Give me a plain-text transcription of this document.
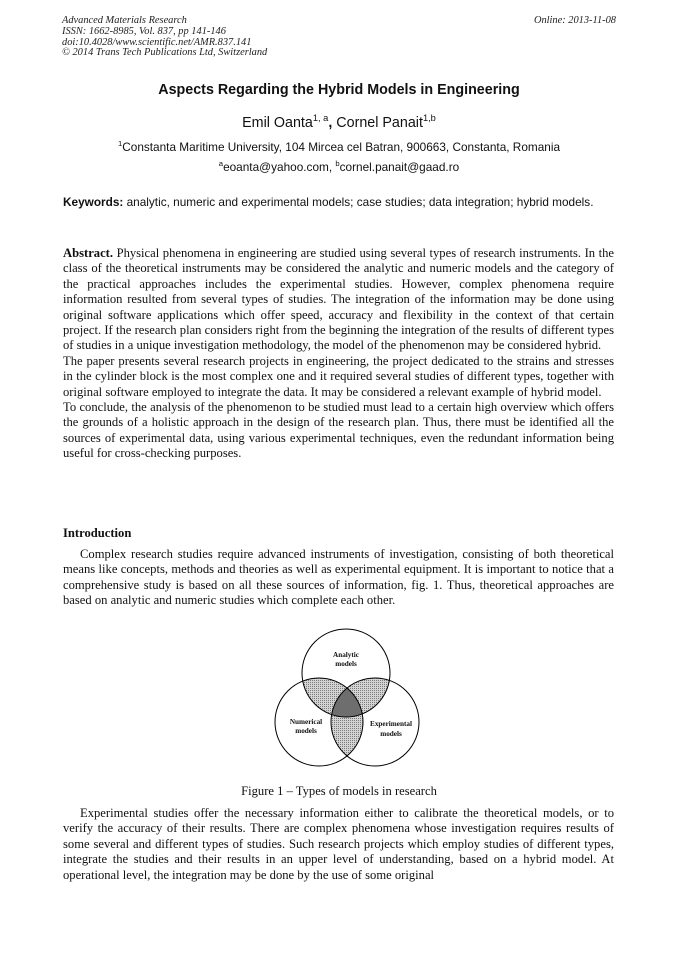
Advanced Materials Research
ISSN: 1662-8985, Vol. 837, pp 141-146
doi:10.4028/www.scientific.net/AMR.837.141
© 2014 Trans Tech Publications Ltd, Switzerland
Online: 2013-11-08
Aspects Regarding the Hybrid Models in Engineering
Emil Oanta$^{1, a}$, Cornel Panait$^{1,b}$
$^1$Constanta Maritime University, 104 Mircea cel Batran, 900663, Constanta, Romania
$^a$eoanta@yahoo.com, $^b$cornel.panait@gaad.ro
Keywords: analytic, numeric and experimental models; case studies; data integration; hybrid models.

Abstract. Physical phenomena in engineering are studied using several types of research instruments. In the class of the theoretical instruments may be considered the analytic and numeric models and the category of the practical approaches includes the experimental studies. However, complex phenomena require information resulted from several types of studies. The integration of the information may be done using original software applications which offer speed, accuracy and flexibility in the context of that certain project. If the research plan considers right from the beginning the integration of the results of different types of studies in a unique investigation methodology, the model of the phenomenon may be considered hybrid.

The paper presents several research projects in engineering, the project dedicated to the strains and stresses in the cylinder block is the most complex one and it required several studies of different types, together with original software employed to integrate the data. It may be considered a relevant example of hybrid model.

To conclude, the analysis of the phenomenon to be studied must lead to a certain high overview which offers the grounds of a holistic approach in the design of the research plan. Thus, there must be identified all the sources of experimental data, using various experimental techniques, even the redundant information being useful for cross-checking purposes.

Introduction

Complex research studies require advanced instruments of investigation, consisting of both theoretical means like concepts, methods and theories as well as experimental equipment. It is important to notice that a comprehensive study is based on all these sources of information, fig. 1. Thus, theoretical approaches are based on analytic and numeric studies which complete each other.

Analytic
models
Numerical
models
Experimental
models
Figure 1 – Types of models in research

Experimental studies offer the necessary information either to calibrate the theoretical models, or to verify the accuracy of their results. There are complex phenomena whose investigation requires results of some several and different types of studies. Such research projects which employ studies of different types, integrate the studies and their results in an upper level of understanding, based on a hybrid model. At operational level, the integration may be done by the use of some original
